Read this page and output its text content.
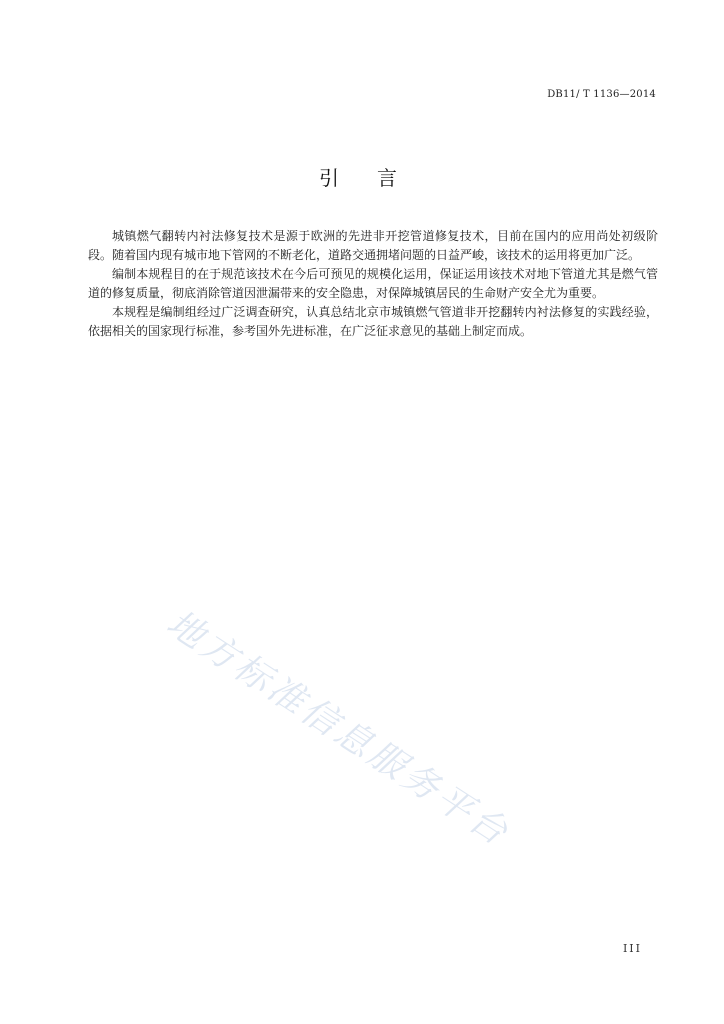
DB11/ T 1136—2014
引言

城镇燃气翻转内衬法修复技术是源于欧洲的先进非开挖管道修复技术，目前在国内的应用尚处初级阶段。随着国内现有城市地下管网的不断老化，道路交通拥堵问题的日益严峻，该技术的运用将更加广泛。

编制本规程目的在于规范该技术在今后可预见的规模化运用，保证运用该技术对地下管道尤其是燃气管道的修复质量，彻底消除管道因泄漏带来的安全隐患，对保障城镇居民的生命财产安全尤为重要。

本规程是编制组经过广泛调查研究，认真总结北京市城镇燃气管道非开挖翻转内衬法修复的实践经验，依据相关的国家现行标准，参考国外先进标准，在广泛征求意见的基础上制定而成。

地方标准信息服务平台
III
